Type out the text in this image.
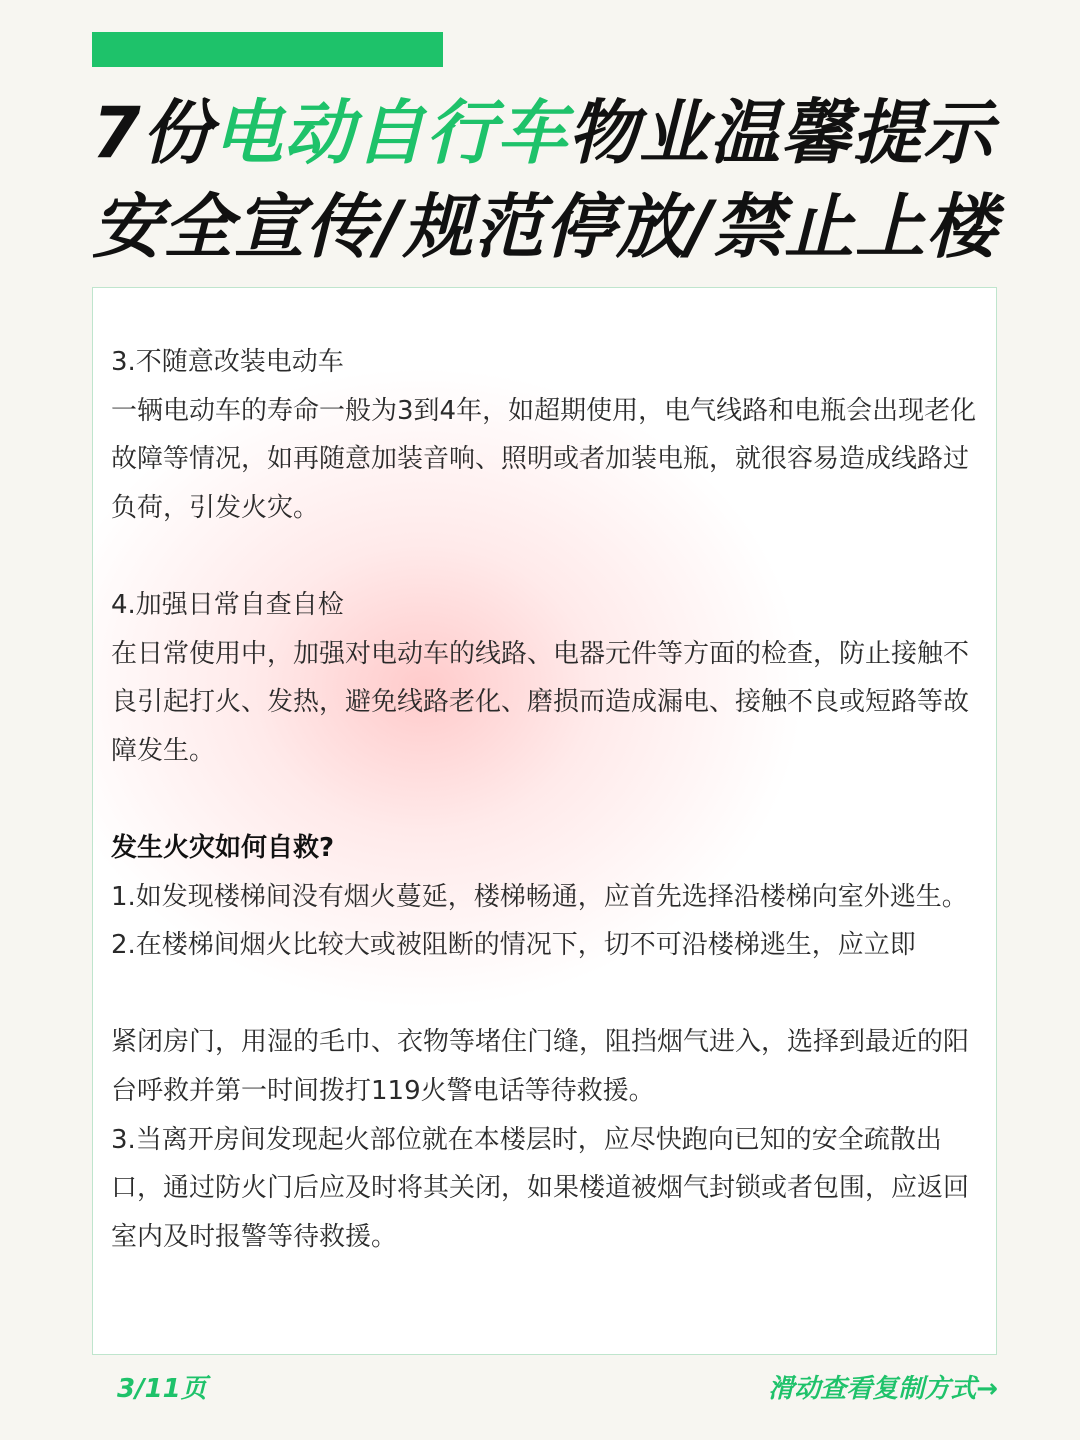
7份电动自行车物业温馨提示
安全宣传/规范停放/禁止上楼

3.不随意改装电动车

一辆电动车的寿命一般为3到4年，如超期使用，电气线路和电瓶会出现老化故障等情况，如再随意加装音响、照明或者加装电瓶，就很容易造成线路过负荷，引发火灾。

4.加强日常自查自检

在日常使用中，加强对电动车的线路、电器元件等方面的检查，防止接触不良引起打火、发热，避免线路老化、磨损而造成漏电、接触不良或短路等故障发生。

发生火灾如何自救?

1.如发现楼梯间没有烟火蔓延，楼梯畅通，应首先选择沿楼梯向室外逃生。

2.在楼梯间烟火比较大或被阻断的情况下，切不可沿楼梯逃生，应立即

紧闭房门，用湿的毛巾、衣物等堵住门缝，阻挡烟气进入，选择到最近的阳台呼救并第一时间拨打119火警电话等待救援。

3.当离开房间发现起火部位就在本楼层时，应尽快跑向已知的安全疏散出口，通过防火门后应及时将其关闭，如果楼道被烟气封锁或者包围，应返回室内及时报警等待救援。

3/11页	滑动查看复制方式→
